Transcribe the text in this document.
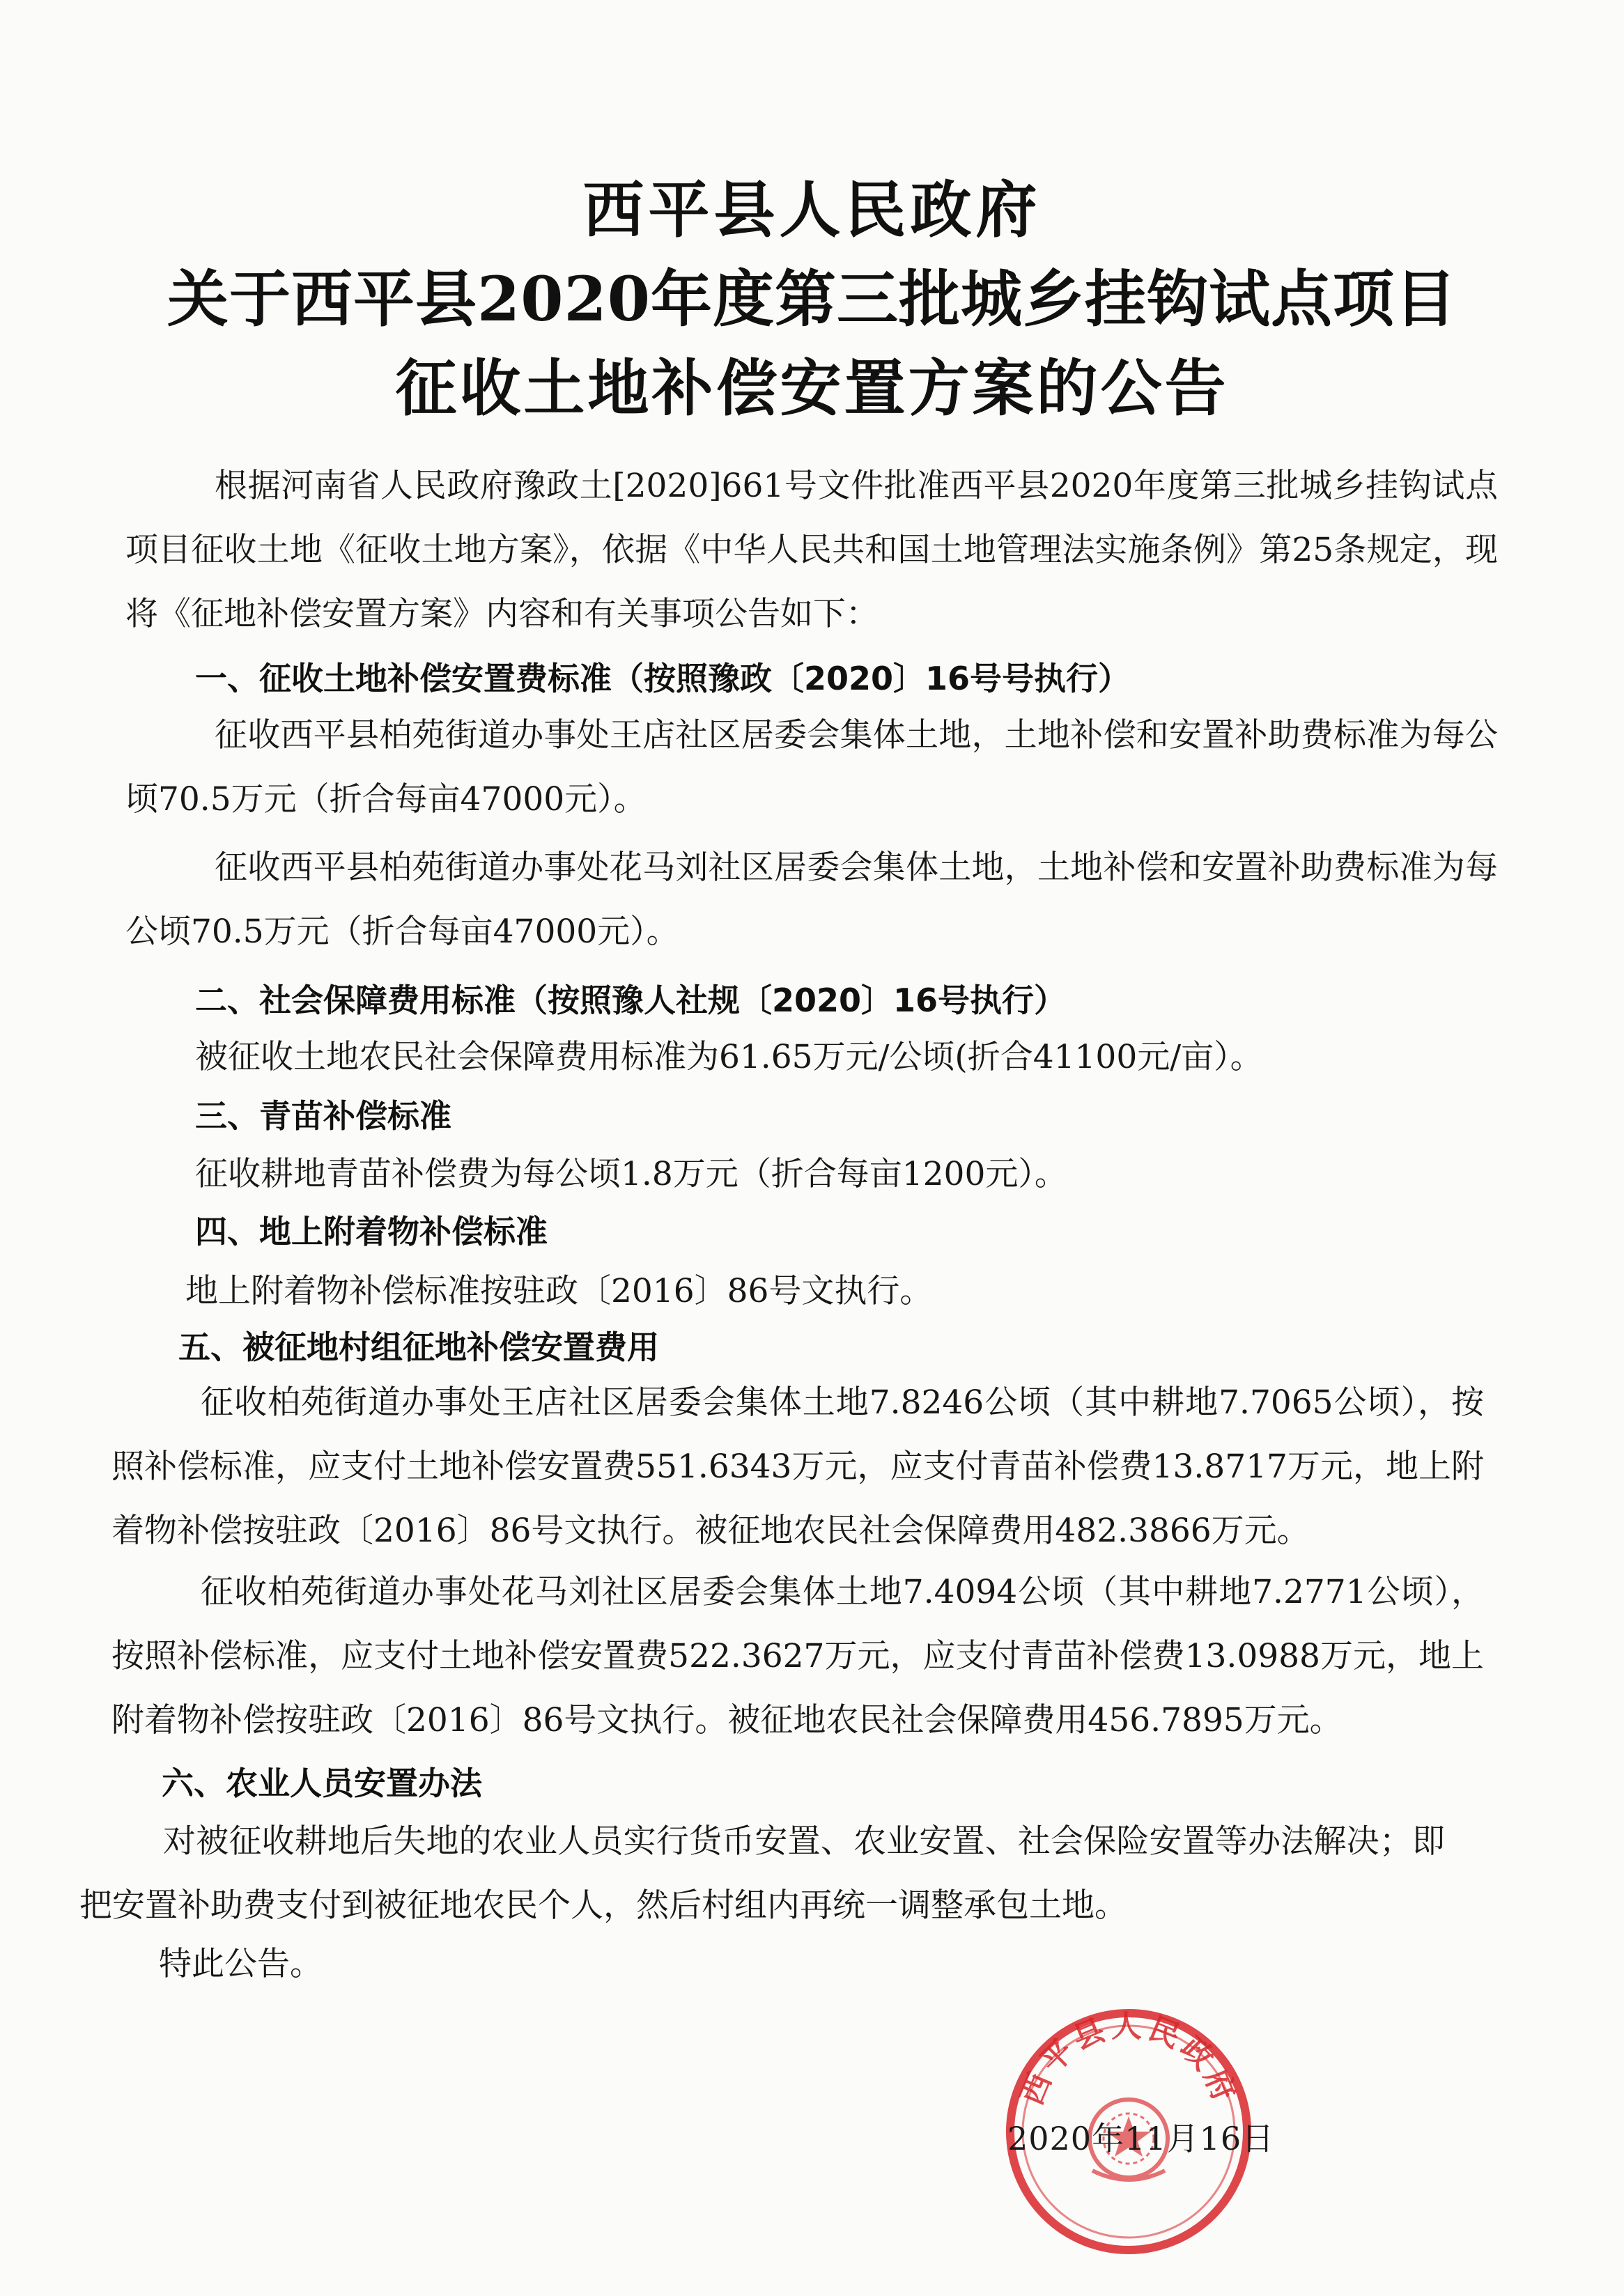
西平县人民政府
关于西平县2020年度第三批城乡挂钩试点项目
征收土地补偿安置方案的公告
根据河南省人民政府豫政土[2020]661号文件批准西平县2020年度第三批城乡挂钩试点项目征收土地《征收土地方案》，依据《中华人民共和国土地管理法实施条例》第25条规定，现将《征地补偿安置方案》内容和有关事项公告如下：
一、征收土地补偿安置费标准（按照豫政〔2020〕16号号执行）
征收西平县柏苑街道办事处王店社区居委会集体土地，土地补偿和安置补助费标准为每公顷70.5万元（折合每亩47000元）。
征收西平县柏苑街道办事处花马刘社区居委会集体土地，土地补偿和安置补助费标准为每公顷70.5万元（折合每亩47000元）。
二、社会保障费用标准（按照豫人社规〔2020〕16号执行）
被征收土地农民社会保障费用标准为61.65万元/公顷(折合41100元/亩）。
三、青苗补偿标准
征收耕地青苗补偿费为每公顷1.8万元（折合每亩1200元）。
四、地上附着物补偿标准
地上附着物补偿标准按驻政〔2016〕86号文执行。
五、被征地村组征地补偿安置费用
征收柏苑街道办事处王店社区居委会集体土地7.8246公顷（其中耕地7.7065公顷），按照补偿标准，应支付土地补偿安置费551.6343万元，应支付青苗补偿费13.8717万元，地上附着物补偿按驻政〔2016〕86号文执行。被征地农民社会保障费用482.3866万元。
征收柏苑街道办事处花马刘社区居委会集体土地7.4094公顷（其中耕地7.2771公顷），按照补偿标准，应支付土地补偿安置费522.3627万元，应支付青苗补偿费13.0988万元，地上附着物补偿按驻政〔2016〕86号文执行。被征地农民社会保障费用456.7895万元。
六、农业人员安置办法
对被征收耕地后失地的农业人员实行货币安置、农业安置、社会保险安置等办法解决；即把安置补助费支付到被征地农民个人，然后村组内再统一调整承包土地。
特此公告。
西平县人民政府
2020年11月16日
